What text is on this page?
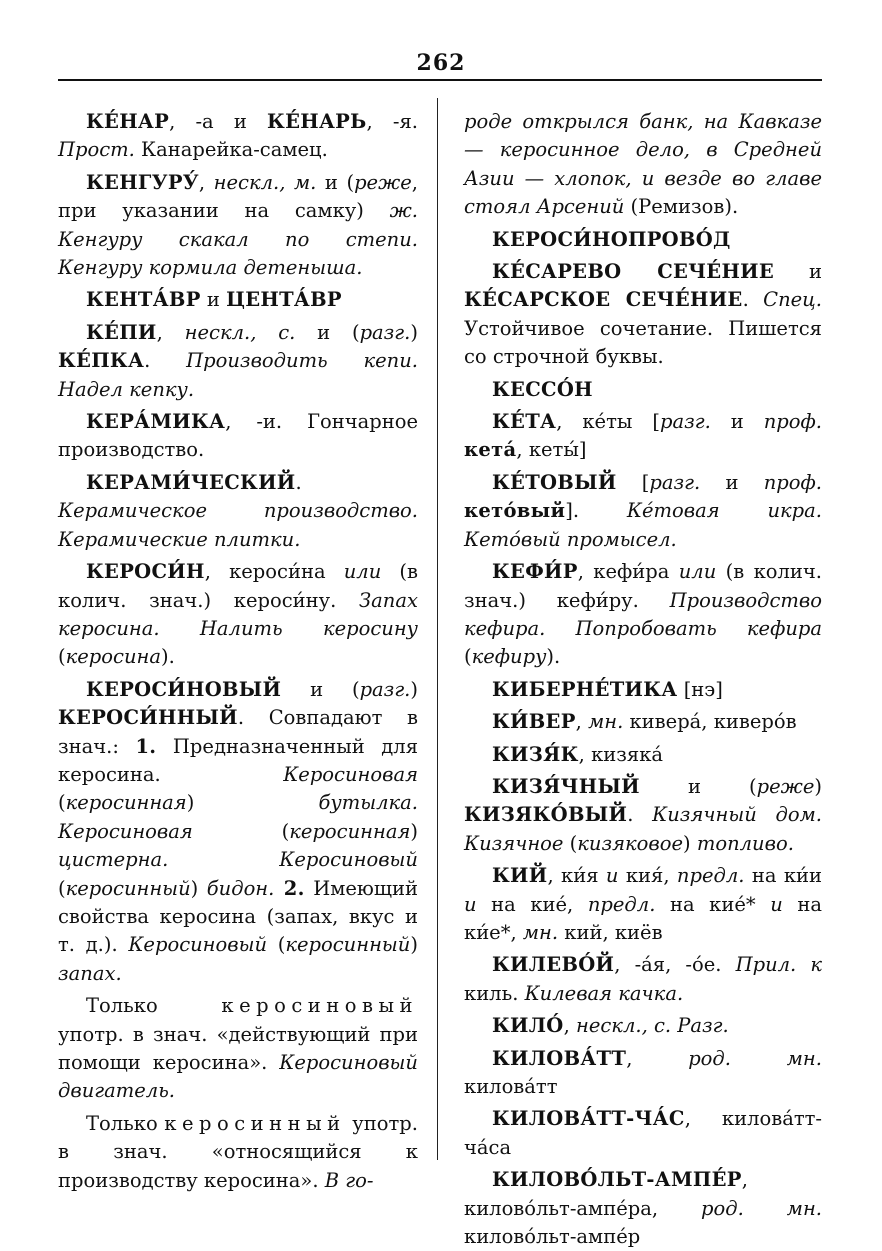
262

КЕ́НАР, -а и КЕ́НАРЬ, -я. Прост. Канарейка-самец.

КЕНГУРУ́, нескл., м. и (реже, при указании на самку) ж. Кенгуру скакал по степи. Кенгуру кормила детеныша.

КЕНТА́ВР и ЦЕНТА́ВР

КЕ́ПИ, нескл., с. и (разг.) КЕ́ПКА. Производить кепи. Надел кепку.

КЕРА́МИКА, -и. Гончарное производство.

КЕРАМИ́ЧЕСКИЙ. Керамическое производство. Керамические плитки.

КЕРОСИ́Н, кероси́на или (в колич. знач.) кероси́ну. Запах керосина. Налить керосину (керосина).

КЕРОСИ́НОВЫЙ и (разг.) КЕРОСИ́ННЫЙ. Совпадают в знач.: 1. Предназначенный для керосина. Керосиновая (керосинная) бутылка. Керосиновая (керосинная) цистерна. Керосиновый (керосинный) бидон. 2. Имеющий свойства керосина (запах, вкус и т. д.). Керосиновый (керосинный) запах.

Только керосиновый употр. в знач. «действующий при помощи керосина». Керосиновый двигатель.

Только керосинный употр. в знач. «относящийся к производству керосина». В го-

роде открылся банк, на Кавказе — керосинное дело, в Средней Азии — хлопок, и везде во главе стоял Арсений (Ремизов).

КЕРОСИ́НОПРОВО́Д

КЕ́САРЕВО СЕЧЕ́НИЕ и КЕ́САРСКОЕ СЕЧЕ́НИЕ. Спец. Устойчивое сочетание. Пишется со строчной буквы.

КЕССО́Н

КЕ́ТА, ке́ты [разг. и проф. кета́, кеты́]

КЕ́ТОВЫЙ [разг. и проф. кето́вый]. Ке́товая икра. Кето́вый промысел.

КЕФИ́Р, кефи́ра или (в колич. знач.) кефи́ру. Производство кефира. Попробовать кефира (кефиру).

КИБЕРНЕ́ТИКА [нэ]

КИ́ВЕР, мн. кивера́, киверо́в

КИЗЯ́К, кизяка́

КИЗЯ́ЧНЫЙ и (реже) КИЗЯКО́ВЫЙ. Кизячный дом. Кизячное (кизяковое) топливо.

КИЙ, ки́я и кия́, предл. на ки́и и на кие́, предл. на кие́* и на ки́е*, мн. кий, киёв

КИЛЕВО́Й, -а́я, -о́е. Прил. к киль. Килевая качка.

КИЛО́, нескл., с. Разг.

КИЛОВА́ТТ, род. мн. килова́тт

КИЛОВА́ТТ-ЧА́С, килова́тт-ча́са

КИЛОВО́ЛЬТ-АМПЕ́Р, килово́льт-ампе́ра, род. мн. килово́льт-ампе́р
